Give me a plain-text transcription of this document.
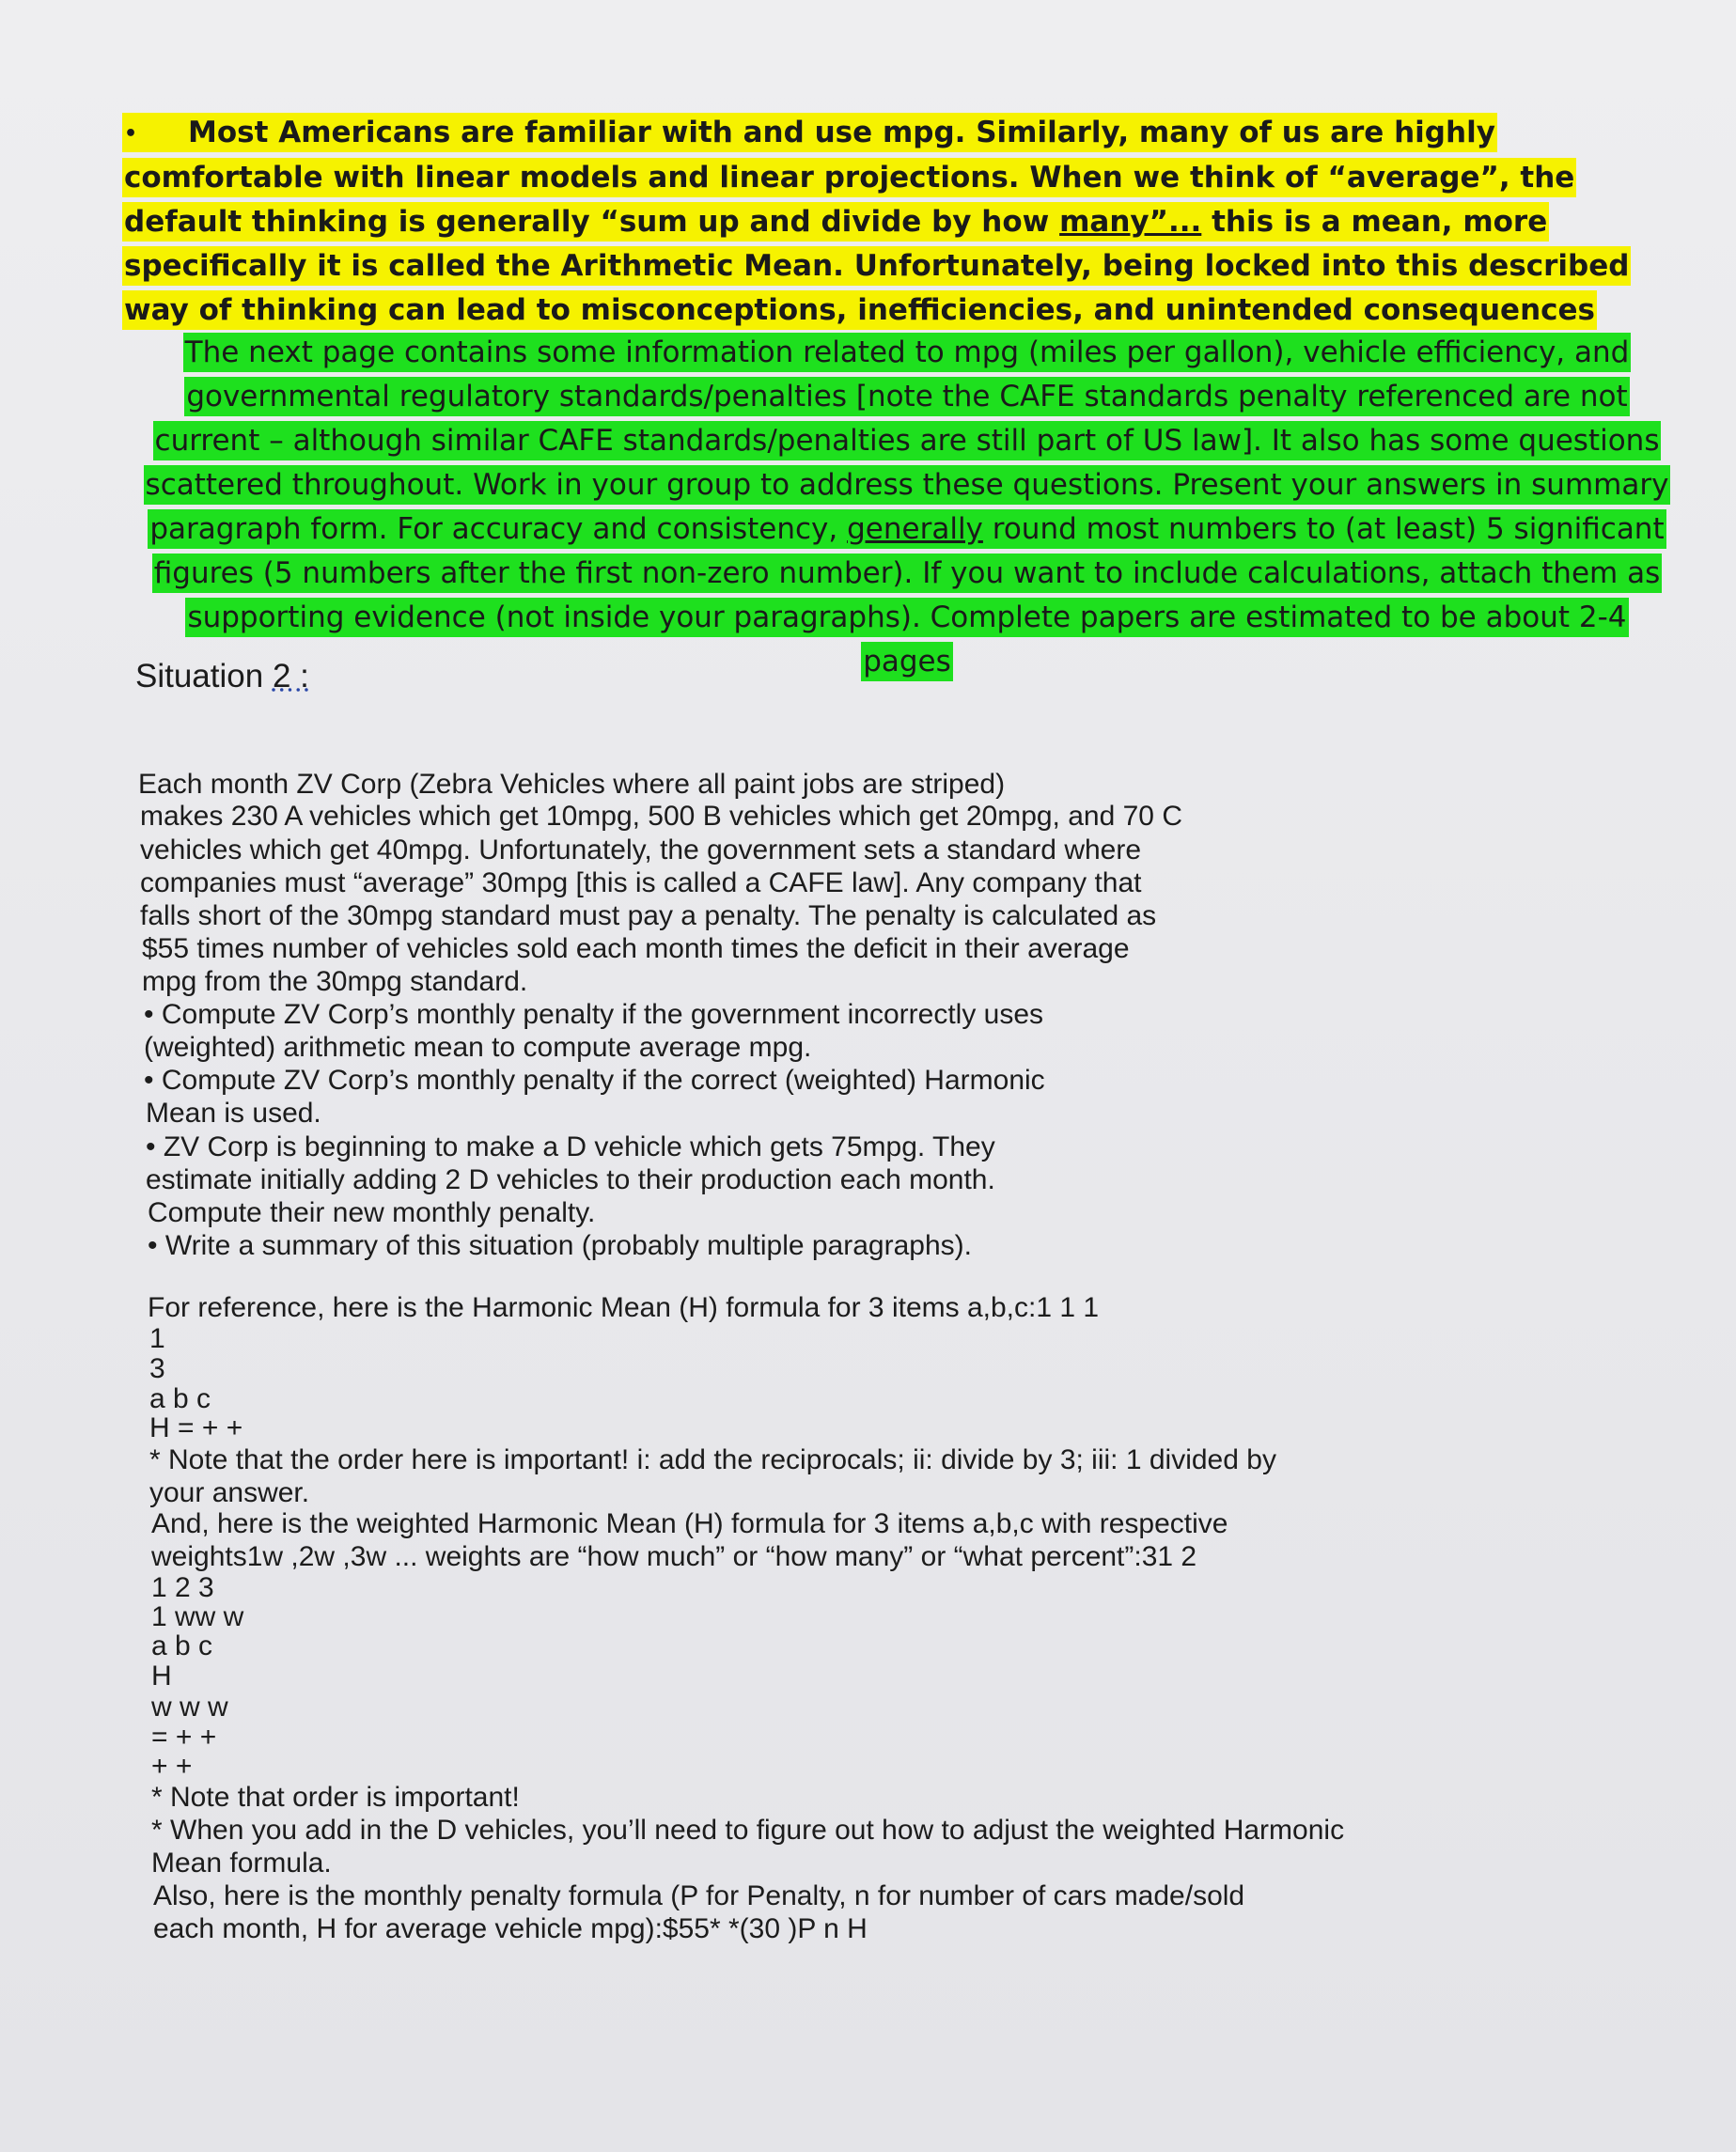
• Most Americans are familiar with and use mpg. Similarly, many of us are highly comfortable with linear models and linear projections. When we think of “average”, the default thinking is generally “sum up and divide by how many”... this is a mean, more specifically it is called the Arithmetic Mean. Unfortunately, being locked into this described way of thinking can lead to misconceptions, inefficiencies, and unintended consequences
The next page contains some information related to mpg (miles per gallon), vehicle efficiency, and governmental regulatory standards/penalties [note the CAFE standards penalty referenced are not current – although similar CAFE standards/penalties are still part of US law]. It also has some questions scattered throughout. Work in your group to address these questions. Present your answers in summary paragraph form. For accuracy and consistency, generally round most numbers to (at least) 5 significant figures (5 numbers after the first non-zero number). If you want to include calculations, attach them as supporting evidence (not inside your paragraphs). Complete papers are estimated to be about 2-4 pages
Situation 2 :
Each month ZV Corp (Zebra Vehicles where all paint jobs are striped)
makes 230 A vehicles which get 10mpg, 500 B vehicles which get 20mpg, and 70 C
vehicles which get 40mpg. Unfortunately, the government sets a standard where
companies must “average” 30mpg [this is called a CAFE law]. Any company that
falls short of the 30mpg standard must pay a penalty. The penalty is calculated as
$55 times number of vehicles sold each month times the deficit in their average
mpg from the 30mpg standard.
• Compute ZV Corp’s monthly penalty if the government incorrectly uses
(weighted) arithmetic mean to compute average mpg.
• Compute ZV Corp’s monthly penalty if the correct (weighted) Harmonic
Mean is used.
• ZV Corp is beginning to make a D vehicle which gets 75mpg. They
estimate initially adding 2 D vehicles to their production each month.
Compute their new monthly penalty.
• Write a summary of this situation (probably multiple paragraphs).
For reference, here is the Harmonic Mean (H) formula for 3 items a,b,c:1 1 1
1
3
a b c
H = + +
* Note that the order here is important! i: add the reciprocals; ii: divide by 3; iii: 1 divided by
your answer.
And, here is the weighted Harmonic Mean (H) formula for 3 items a,b,c with respective
weights1w ,2w ,3w ... weights are “how much” or “how many” or “what percent”:31 2
1 2 3
1 ww w
a b c
H
w w w
= + +
+ +
* Note that order is important!
* When you add in the D vehicles, you’ll need to figure out how to adjust the weighted Harmonic
Mean formula.
Also, here is the monthly penalty formula (P for Penalty, n for number of cars made/sold
each month, H for average vehicle mpg):$55* *(30 )P n H
